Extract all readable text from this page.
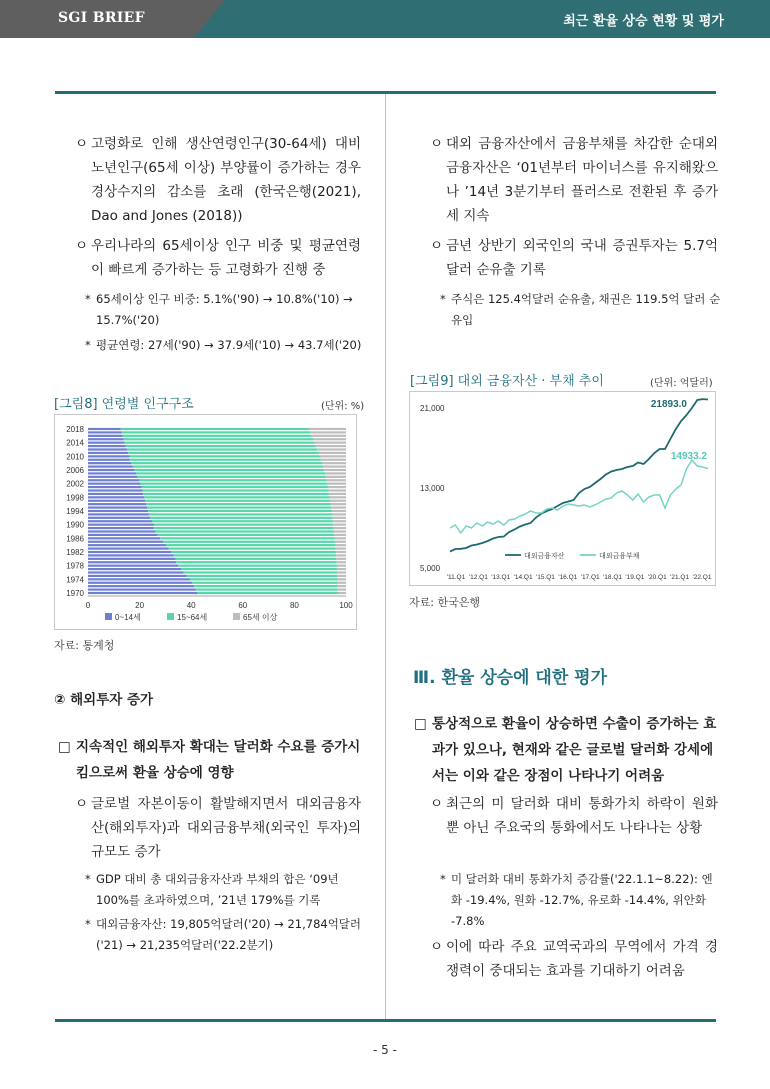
SGI BRIEF	최근 환율 상승 현황 및 평가
ㅇ 고령화로 인해 생산연령인구(30-64세) 대비 노년인구(65세 이상) 부양률이 증가하는 경우 경상수지의 감소를 초래 (한국은행(2021), Dao and Jones (2018))
ㅇ 우리나라의 65세이상 인구 비중 및 평균연령이 빠르게 증가하는 등 고령화가 진행 중
* 65세이상 인구 비중: 5.1%('90) → 10.8%('10) → 15.7%('20)
* 평균연령: 27세('90) → 37.9세('10) → 43.7세('20)
[그림8] 연령별 인구구조	(단위: %)
1970
1974
1978
1982
1986
1990
1994
1998
2002
2006
2010
2014
2018
0	20	40	60	80	100
0~14세	15~64세	65세 이상
자료: 통계청
② 해외투자 증가
□ 지속적인 해외투자 확대는 달러화 수요를 증가시킴으로써 환율 상승에 영향
ㅇ 글로벌 자본이동이 활발해지면서 대외금융자산(해외투자)과 대외금융부채(외국인 투자)의 규모도 증가
* GDP 대비 총 대외금융자산과 부채의 합은 ‘09년 100%를 초과하였으며, ’21년 179%를 기록
* 대외금융자산: 19,805억달러('20) → 21,784억달러('21) → 21,235억달러('22.2분기)
ㅇ 대외 금융자산에서 금융부채를 차감한 순대외금융자산은 ‘01년부터 마이너스를 유지해왔으나 ’14년 3분기부터 플러스로 전환된 후 증가세 지속
ㅇ 금년 상반기 외국인의 국내 증권투자는 5.7억달러 순유출 기록
* 주식은 125.4억달러 순유출, 채권은 119.5억 달러 순유입
[그림9] 대외 금융자산 · 부채 추이	(단위: 억달러)
5,000
13,000
21,000	21893.0
14933.2
대외금융자산	대외금융부채
'11.Q1 '12.Q1 '13.Q1 '14.Q1 '15.Q1 '16.Q1 '17.Q1 '18.Q1 '19.Q1 '20.Q1 '21.Q1 '22.Q1
자료: 한국은행
Ⅲ. 환율 상승에 대한 평가
□ 통상적으로 환율이 상승하면 수출이 증가하는 효과가 있으나, 현재와 같은 글로벌 달러화 강세에서는 이와 같은 장점이 나타나기 어려움
ㅇ 최근의 미 달러화 대비 통화가치 하락이 원화 뿐 아닌 주요국의 통화에서도 나타나는 상황
* 미 달러화 대비 통화가치 증감률('22.1.1~8.22): 엔화 -19.4%, 원화 -12.7%, 유로화 -14.4%, 위안화 -7.8%
ㅇ 이에 따라 주요 교역국과의 무역에서 가격 경쟁력이 중대되는 효과를 기대하기 어려움
- 5 -
